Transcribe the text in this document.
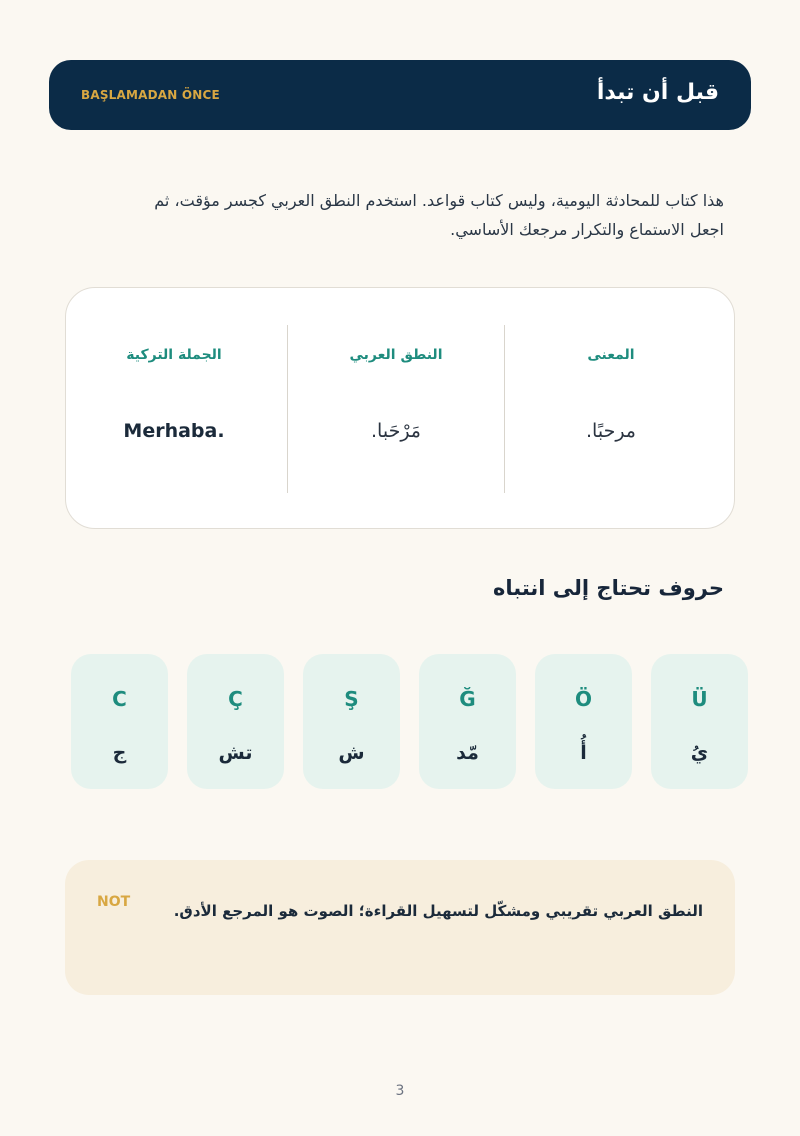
قبل أن تبدأ
BAŞLAMADAN ÖNCE
هذا كتاب للمحادثة اليومية، وليس كتاب قواعد. استخدم النطق العربي كجسر مؤقت، ثم
اجعل الاستماع والتكرار مرجعك الأساسي.
المعنى
مرحبًا.
النطق العربي
مَرْحَبا.
الجملة التركية
Merhaba.
حروف تحتاج إلى انتباه
Ü
يُ
Ö
أُ
Ğ
مّد
Ş
ش
Ç
تش
C
ج
NOT	النطق العربي تقريبي ومشكّل لتسهيل القراءة؛ الصوت هو المرجع الأدق.
3
